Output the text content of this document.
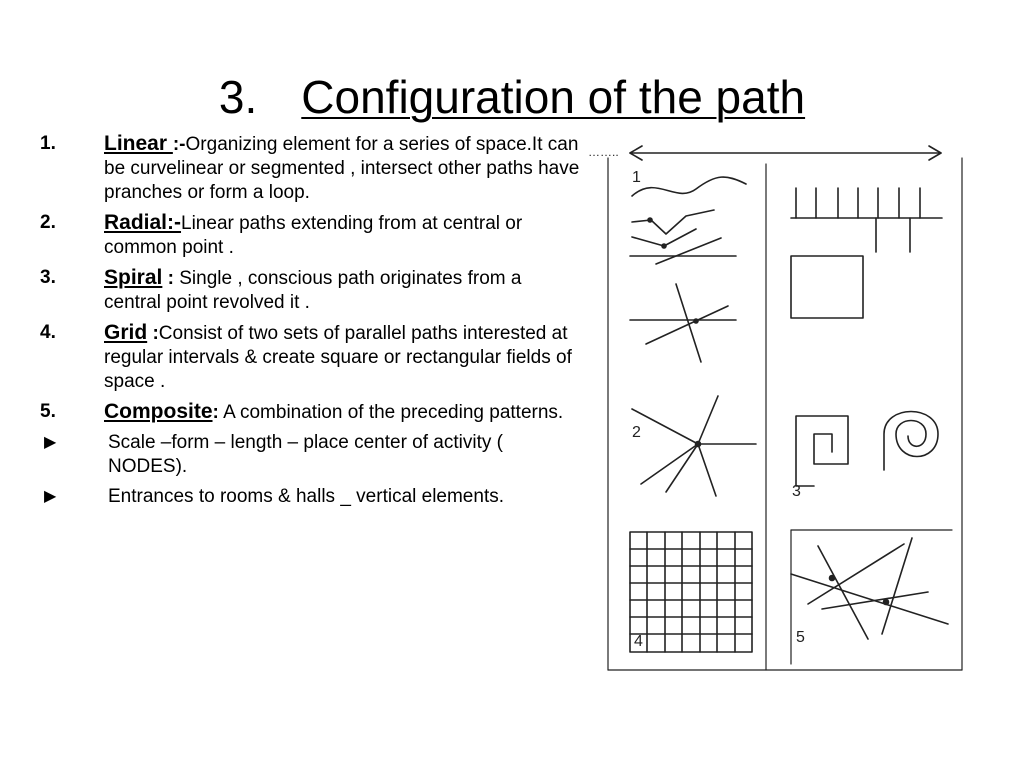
3. Configuration of the path
1.	Linear :-Organizing element for a series of space.It can be curvelinear or segmented , intersect other paths have pranches or form a loop.
2.	Radial:-Linear paths extending from at central or common point .
3.	Spiral : Single , conscious path originates from a central point revolved it .
4.	Grid :Consist of two sets of parallel paths interested at regular intervals & create square or rectangular fields of space .
5.	Composite: A combination of the preceding patterns.
▶	Scale –form – length – place center of activity ( NODES).
▶	Entrances to rooms & halls _ vertical elements.
……..
1
2
3
4	5
